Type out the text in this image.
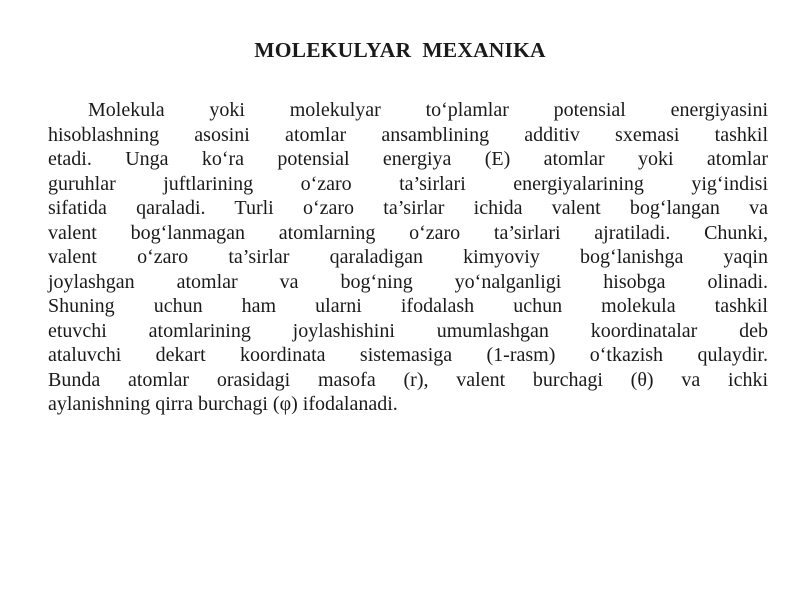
MOLEKULYAR  MEXANIKA
Molekula yoki molekulyar to‘plamlar potensial energiyasini
hisoblashning asosini atomlar ansamblining additiv sxemasi tashkil
etadi. Unga ko‘ra potensial energiya (E) atomlar yoki atomlar
guruhlar juftlarining o‘zaro ta’sirlari energiyalarining yig‘indisi
sifatida qaraladi. Turli o‘zaro ta’sirlar ichida valent bog‘langan va
valent bog‘lanmagan atomlarning o‘zaro ta’sirlari ajratiladi. Chunki,
valent o‘zaro ta’sirlar qaraladigan kimyoviy bog‘lanishga yaqin
joylashgan atomlar va bog‘ning yo‘nalganligi hisobga olinadi.
Shuning uchun ham ularni ifodalash uchun molekula tashkil
etuvchi atomlarining joylashishini umumlashgan koordinatalar deb
ataluvchi dekart koordinata sistemasiga (1-rasm) o‘tkazish qulaydir.
Bunda atomlar orasidagi masofa (r), valent burchagi (θ) va ichki
aylanishning qirra burchagi (φ) ifodalanadi.
